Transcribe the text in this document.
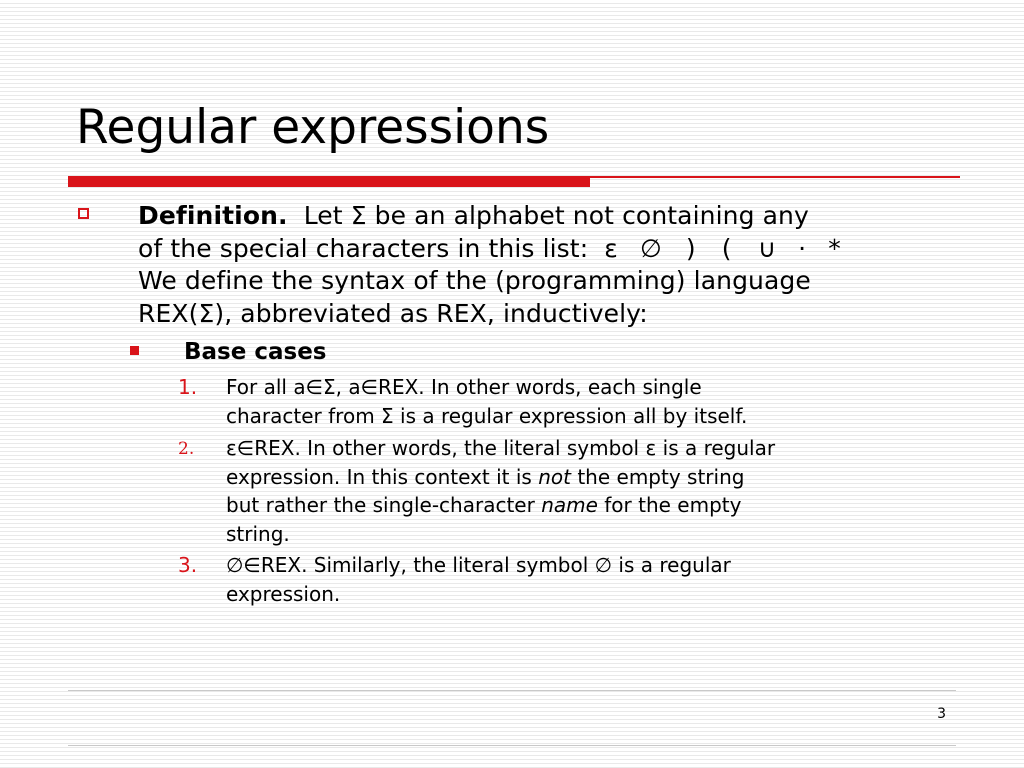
Regular expressions
Definition. Let Σ be an alphabet not containing any
of the special characters in this list: ε ∅ ) ( ∪ · *
We define the syntax of the (programming) language
REX(Σ), abbreviated as REX, inductively:

Base cases

1. For all a∈Σ, a∈REX. In other words, each single
character from Σ is a regular expression all by itself.

2. ε∈REX. In other words, the literal symbol ε is a regular
expression. In this context it is not the empty string
but rather the single-character name for the empty
string.

3. ∅∈REX. Similarly, the literal symbol ∅ is a regular
expression.
3
